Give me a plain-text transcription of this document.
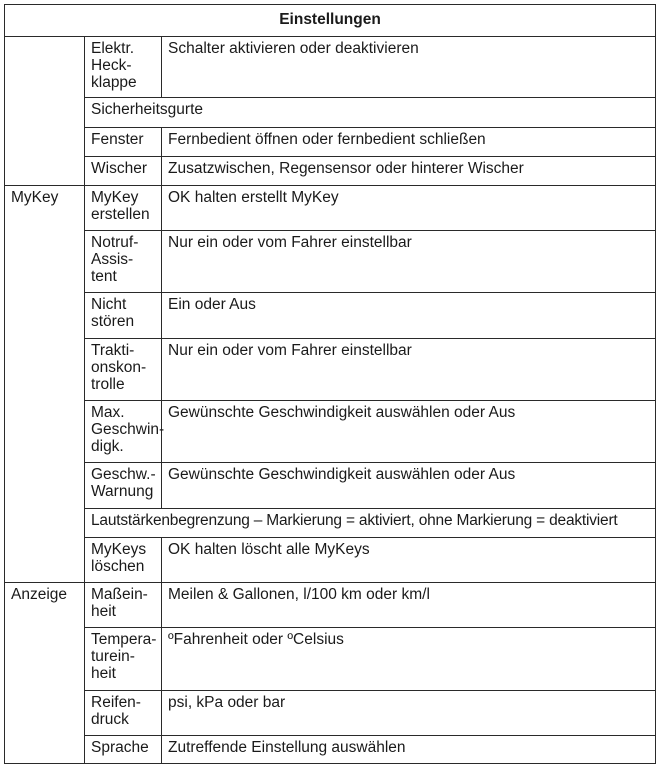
Einstellungen		
	Elektr. Heck-klappe	Schalter aktivieren oder deaktivieren
	Sicherheitsgurte	
	Fenster	Fernbedient öffnen oder fernbedient schließen
	Wischer	Zusatzwischen, Regensensor oder hinterer Wischer
MyKey	MyKey erstellen	OK halten erstellt MyKey
	Notruf-Assis-tent	Nur ein oder vom Fahrer einstellbar
	Nicht stören	Ein oder Aus
	Trakti-onskon-trolle	Nur ein oder vom Fahrer einstellbar
	Max. Geschwin-digk.	Gewünschte Geschwindigkeit auswählen oder Aus
	Geschw.-Warnung	Gewünschte Geschwindigkeit auswählen oder Aus
	Lautstärkenbegrenzung – Markierung = aktiviert, ohne Markierung = deaktiviert	
	MyKeys löschen	OK halten löscht alle MyKeys
Anzeige	Maßein-heit	Meilen & Gallonen, l/100 km oder km/l
	Tempera-turein-heit	ºFahrenheit oder ºCelsius
	Reifen-druck	psi, kPa oder bar
	Sprache	Zutreffende Einstellung auswählen
